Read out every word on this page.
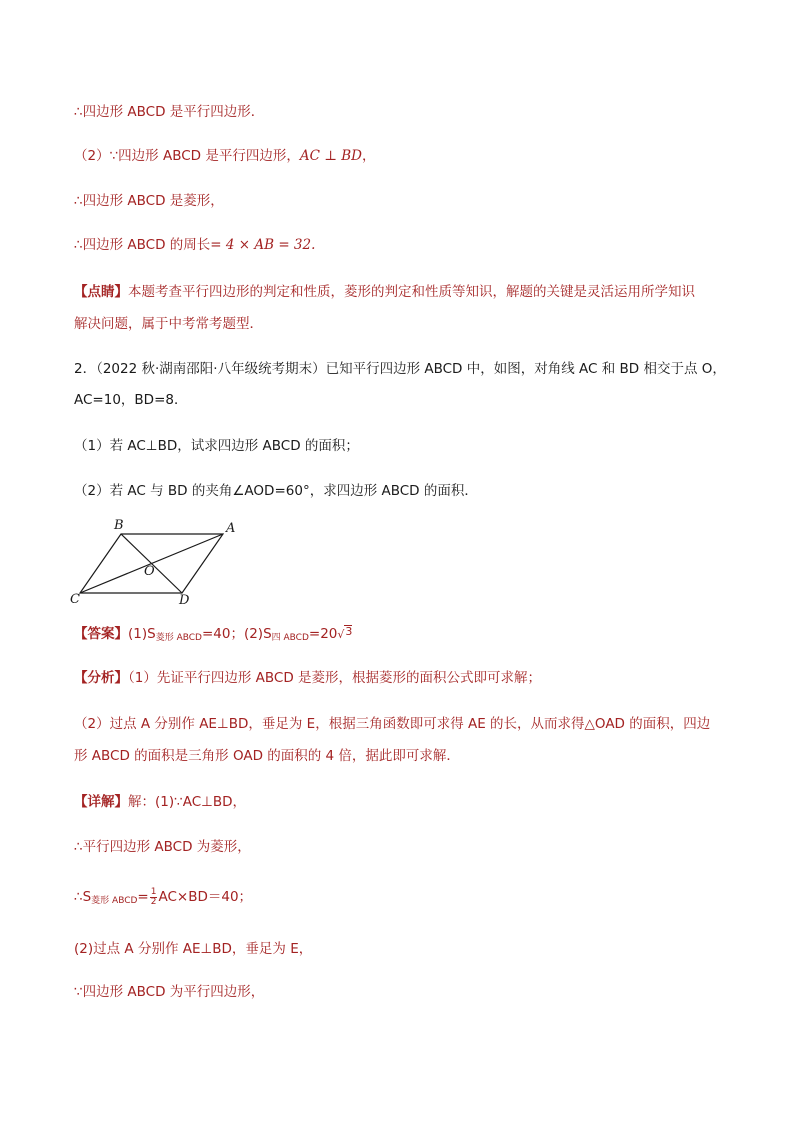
∴四边形 ABCD 是平行四边形．
（2）∵四边形 ABCD 是平行四边形，AC ⊥ BD，
∴四边形 ABCD 是菱形，
∴四边形 ABCD 的周长= 4 × AB = 32.
【点睛】本题考查平行四边形的判定和性质，菱形的判定和性质等知识，解题的关键是灵活运用所学知识
解决问题，属于中考常考题型．
2．（2022 秋·湖南邵阳·八年级统考期末）已知平行四边形 ABCD 中，如图，对角线 AC 和 BD 相交于点 O，
AC=10，BD=8．
（1）若 AC⊥BD，试求四边形 ABCD 的面积；
（2）若 AC 与 BD 的夹角∠AOD=60°，求四边形 ABCD 的面积．
B	A
C	D
O
【答案】$(1)S_{菱形 ABCD}=40$；$(2)S_{四 ABCD}=20√3$
【分析】（1）先证平行四边形 ABCD 是菱形，根据菱形的面积公式即可求解；
（2）过点 A 分别作 AE⊥BD，垂足为 E，根据三角函数即可求得 AE 的长，从而求得△OAD 的面积，四边
形 ABCD 的面积是三角形 OAD 的面积的 4 倍，据此即可求解．
【详解】解：(1)∵AC⊥BD，
∴平行四边形 ABCD 为菱形，
$\therefore S_{菱形 ABCD}= \frac{1}{2} AC\times BD=40$；
(2)过点 A 分别作 AE⊥BD，垂足为 E，
∵四边形 ABCD 为平行四边形，
